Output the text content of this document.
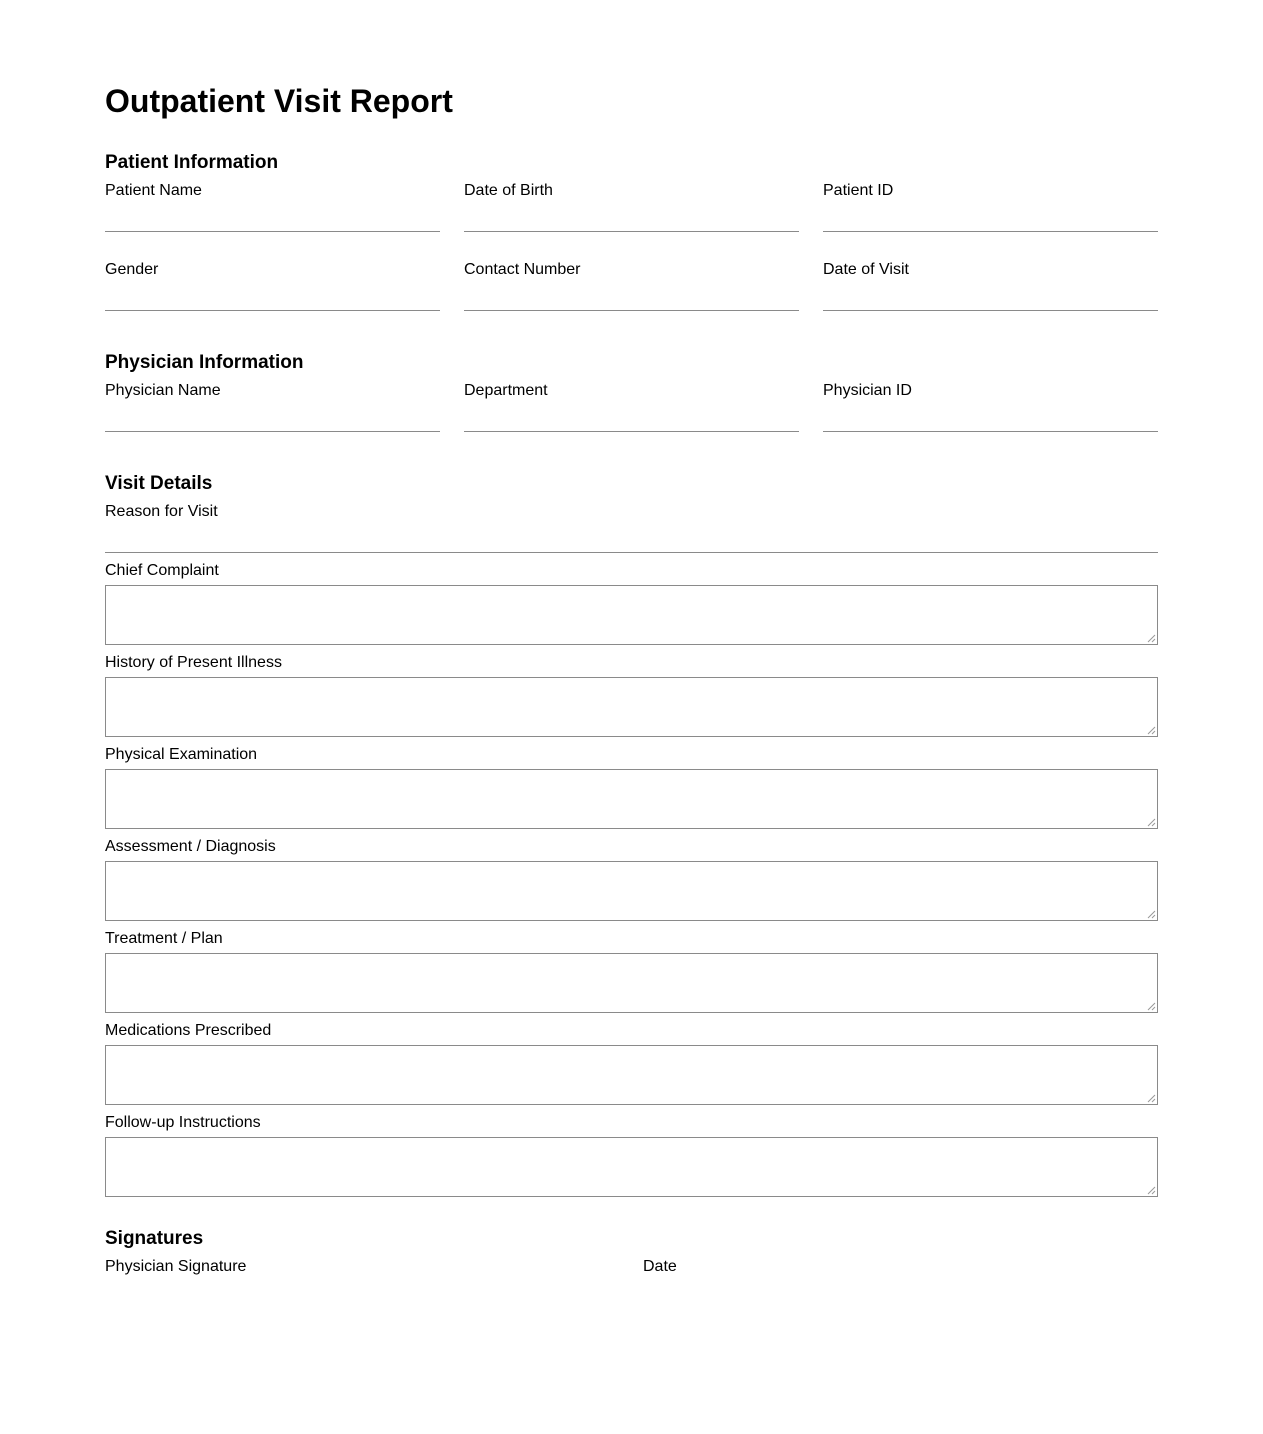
Outpatient Visit Report
Patient Information
Patient Name	Date of Birth	Patient ID
Gender	Contact Number	Date of Visit
Physician Information
Physician Name	Department	Physician ID
Visit Details
Reason for Visit
Chief Complaint
History of Present Illness
Physical Examination
Assessment / Diagnosis
Treatment / Plan
Medications Prescribed
Follow-up Instructions
Signatures
Physician Signature	Date
